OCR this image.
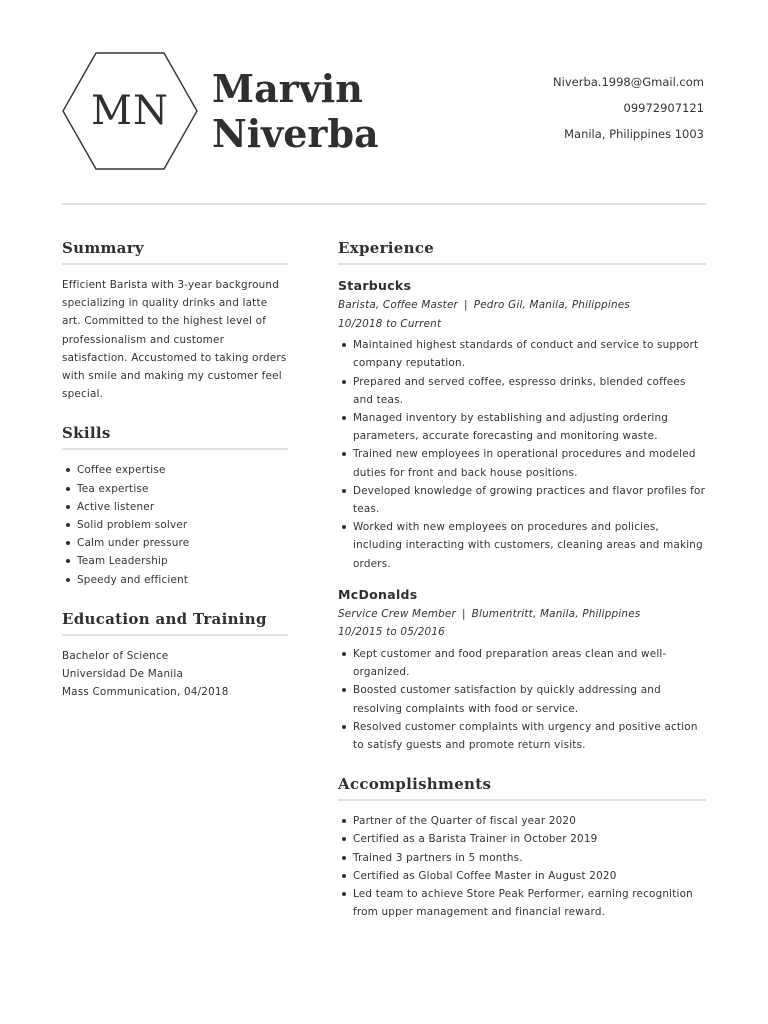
MN	Marvin
Niverba
Niverba.1998@Gmail.com
09972907121
Manila, Philippines 1003
Summary
Efficient Barista with 3-year background specializing in quality drinks and latte art. Committed to the highest level of professionalism and customer satisfaction. Accustomed to taking orders with smile and making my customer feel special.
Skills
Coffee expertise
Tea expertise
Active listener
Solid problem solver
Calm under pressure
Team Leadership
Speedy and efficient
Education and Training
Bachelor of Science
Universidad De Manila
Mass Communication, 04/2018
Experience
Starbucks
Barista, Coffee Master | Pedro Gil, Manila, Philippines
10/2018 to Current
Maintained highest standards of conduct and service to support company reputation.
Prepared and served coffee, espresso drinks, blended coffees and teas.
Managed inventory by establishing and adjusting ordering parameters, accurate forecasting and monitoring waste.
Trained new employees in operational procedures and modeled duties for front and back house positions.
Developed knowledge of growing practices and flavor profiles for teas.
Worked with new employees on procedures and policies, including interacting with customers, cleaning areas and making orders.
McDonalds
Service Crew Member | Blumentritt, Manila, Philippines
10/2015 to 05/2016
Kept customer and food preparation areas clean and well-organized.
Boosted customer satisfaction by quickly addressing and resolving complaints with food or service.
Resolved customer complaints with urgency and positive action to satisfy guests and promote return visits.
Accomplishments
Partner of the Quarter of fiscal year 2020
Certified as a Barista Trainer in October 2019
Trained 3 partners in 5 months.
Certified as Global Coffee Master in August 2020
Led team to achieve Store Peak Performer, earning recognition from upper management and financial reward.
